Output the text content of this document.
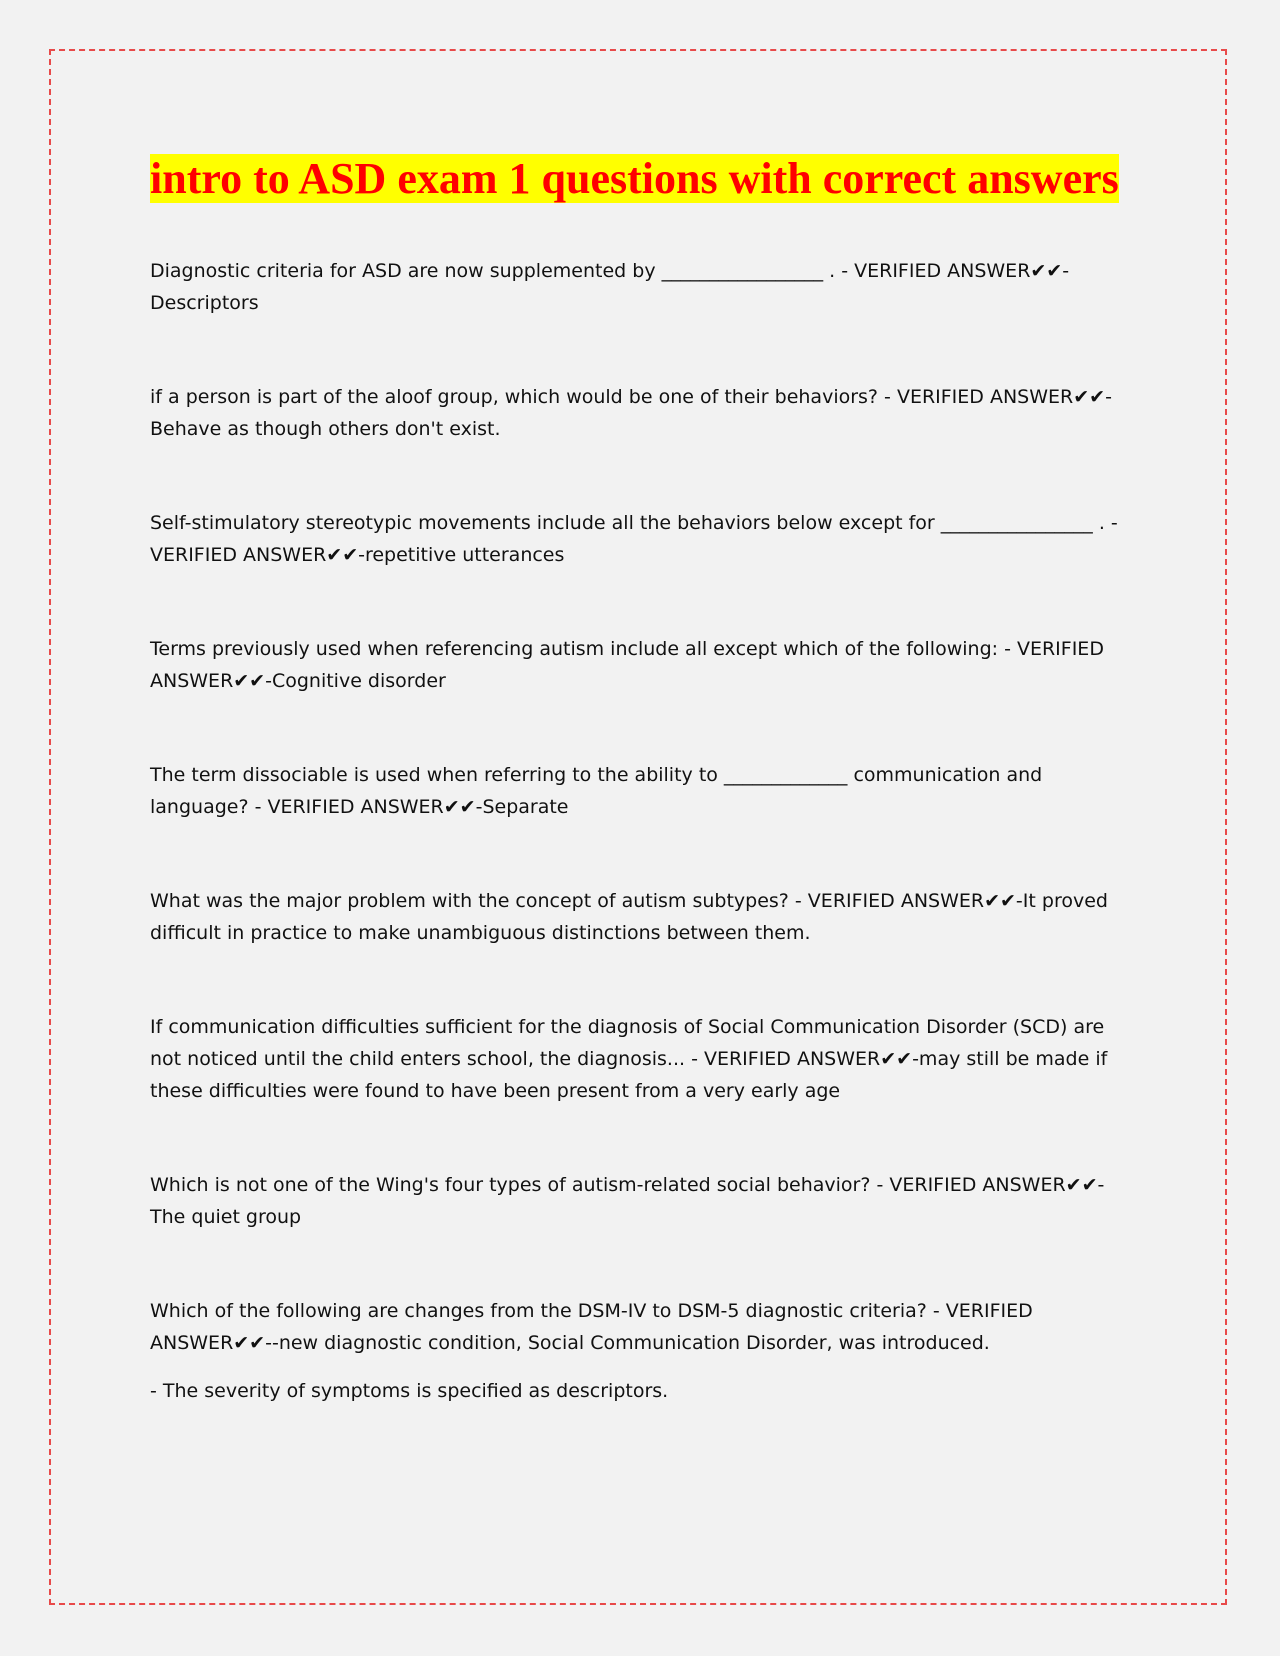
intro to ASD exam 1 questions with correct answers

Diagnostic criteria for ASD are now supplemented by _________________ . - VERIFIED ANSWER✔✔- Descriptors

if a person is part of the aloof group, which would be one of their behaviors? - VERIFIED ANSWER✔✔-Behave as though others don't exist.

Self-stimulatory stereotypic movements include all the behaviors below except for ________________ . - VERIFIED ANSWER✔✔-repetitive utterances

Terms previously used when referencing autism include all except which of the following: - VERIFIED ANSWER✔✔-Cognitive disorder

The term dissociable is used when referring to the ability to _____________ communication and language? - VERIFIED ANSWER✔✔-Separate

What was the major problem with the concept of autism subtypes? - VERIFIED ANSWER✔✔-It proved difficult in practice to make unambiguous distinctions between them.

If communication difficulties sufficient for the diagnosis of Social Communication Disorder (SCD) are not noticed until the child enters school, the diagnosis... - VERIFIED ANSWER✔✔-may still be made if these difficulties were found to have been present from a very early age

Which is not one of the Wing's four types of autism-related social behavior? - VERIFIED ANSWER✔✔- The quiet group

Which of the following are changes from the DSM-IV to DSM-5 diagnostic criteria? - VERIFIED ANSWER✔✔--new diagnostic condition, Social Communication Disorder, was introduced.

- The severity of symptoms is specified as descriptors.
